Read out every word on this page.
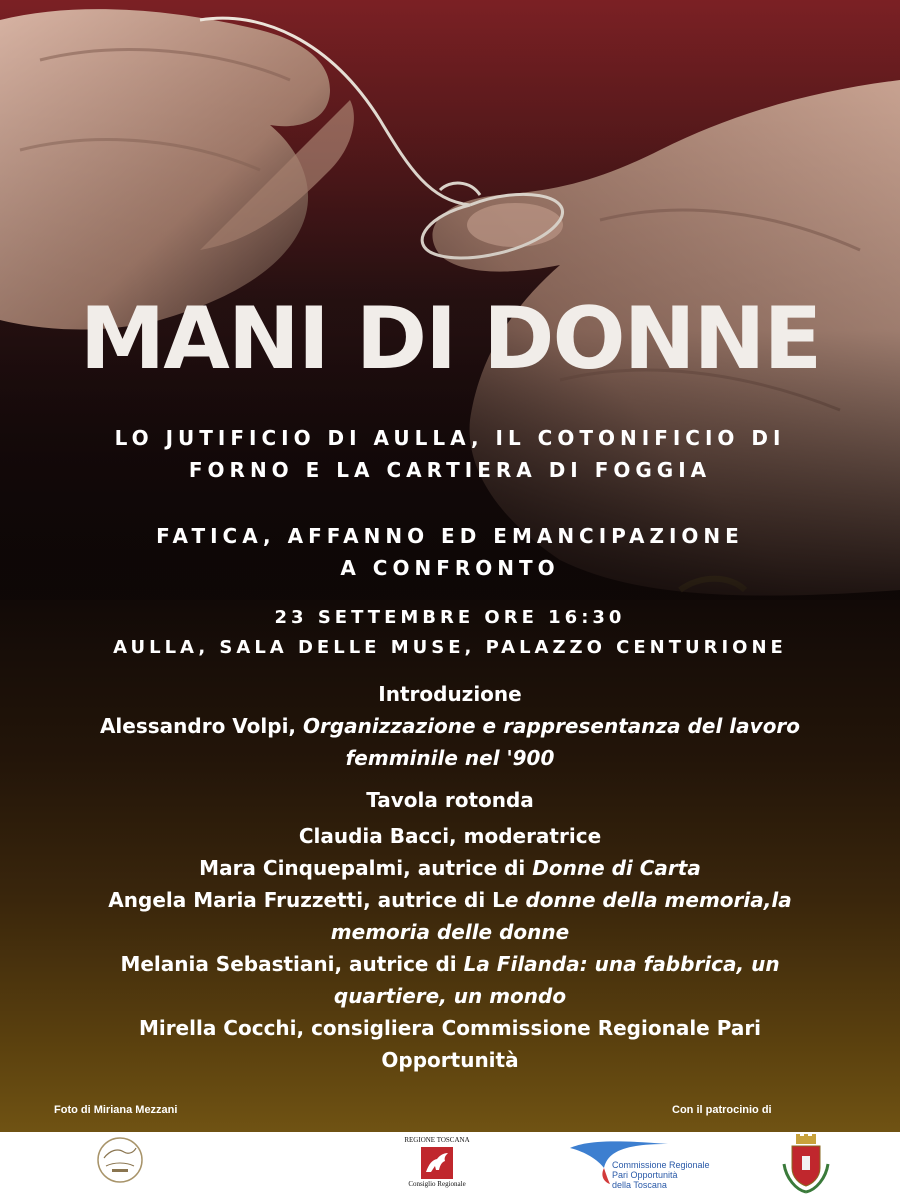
MANI DI DONNE
LO JUTIFICIO DI AULLA, IL COTONIFICIO DI
FORNO E LA CARTIERA DI FOGGIA
FATICA, AFFANNO ED EMANCIPAZIONE
A CONFRONTO
23 SETTEMBRE ORE 16:30
AULLA, SALA DELLE MUSE, PALAZZO CENTURIONE
Introduzione
Alessandro Volpi, Organizzazione e rappresentanza del lavoro
femminile nel '900
Tavola rotonda
Claudia Bacci, moderatrice
Mara Cinquepalmi, autrice di Donne di Carta
Angela Maria Fruzzetti, autrice di Le donne della memoria,la
memoria delle donne
Melania Sebastiani, autrice di La Filanda: una fabbrica, un
quartiere, un mondo
Mirella Cocchi, consigliera Commissione Regionale Pari
Opportunità
Foto di Miriana Mezzani	Con il patrocinio di
REGIONE TOSCANA
Consiglio Regionale
Commissione Regionale
Pari Opportunità
della Toscana
